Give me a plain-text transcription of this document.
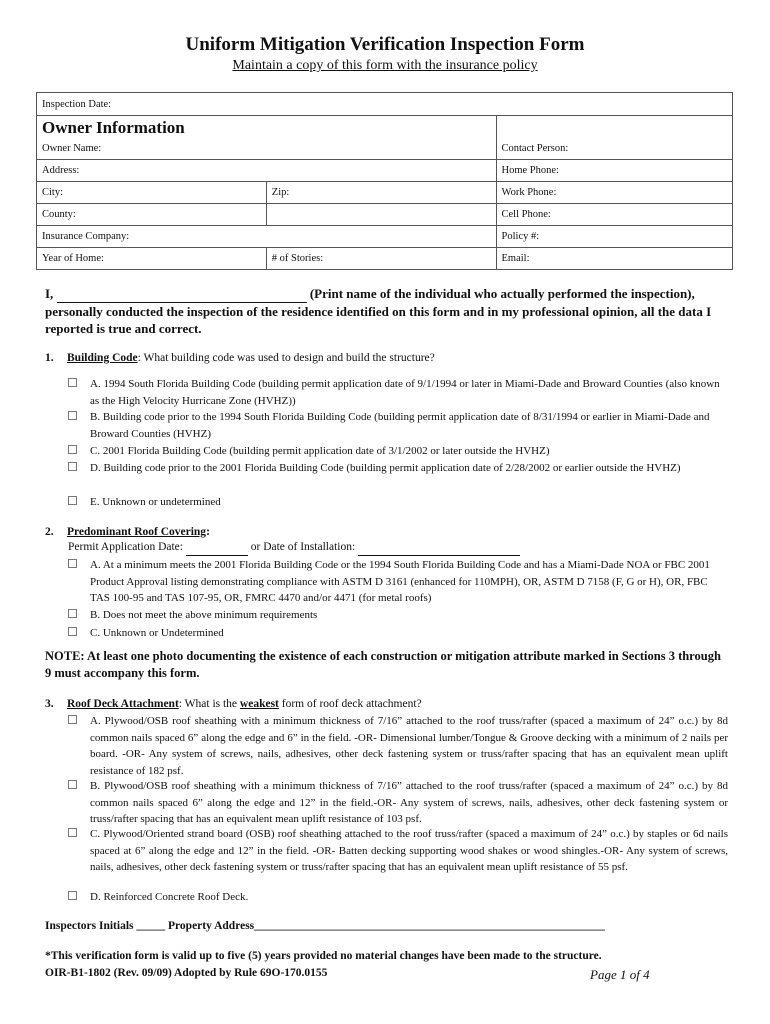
Uniform Mitigation Verification Inspection Form
Maintain a copy of this form with the insurance policy
Inspection Date:		

Owner Information		

Owner Name:		Contact Person:
Address:		Home Phone:
City:	Zip:	Work Phone:
County:		Cell Phone:
Insurance Company:		Policy #:
Year of Home:	# of Stories:	Email:
I,	(Print name of the individual who actually performed the inspection), personally conducted the inspection of the residence identified on this form and in my professional opinion, all the data I reported is true and correct.
1. Building Code: What building code was used to design and build the structure?
A. 1994 South Florida Building Code (building permit application date of 9/1/1994 or later in Miami-Dade and Broward Counties (also known as the High Velocity Hurricane Zone (HVHZ))
B. Building code prior to the 1994 South Florida Building Code (building permit application date of 8/31/1994 or earlier in Miami-Dade and Broward Counties (HVHZ)
C. 2001 Florida Building Code (building permit application date of 3/1/2002 or later outside the HVHZ)
D. Building code prior to the 2001 Florida Building Code (building permit application date of 2/28/2002 or earlier outside the HVHZ)
E. Unknown or undetermined
2. Predominant Roof Covering:
Permit Application Date:	or Date of Installation:
A. At a minimum meets the 2001 Florida Building Code or the 1994 South Florida Building Code and has a Miami-Dade NOA or FBC 2001 Product Approval listing demonstrating compliance with ASTM D 3161 (enhanced for 110MPH), OR, ASTM D 7158 (F, G or H), OR, FBC TAS 100-95 and TAS 107-95, OR, FMRC 4470 and/or 4471 (for metal roofs)
B. Does not meet the above minimum requirements
C. Unknown or Undetermined
NOTE: At least one photo documenting the existence of each construction or mitigation attribute marked in Sections 3 through 9 must accompany this form.
3. Roof Deck Attachment: What is the weakest form of roof deck attachment?
A. Plywood/OSB roof sheathing with a minimum thickness of 7/16” attached to the roof truss/rafter (spaced a maximum of 24” o.c.) by 8d common nails spaced 6” along the edge and 6” in the field. -OR- Dimensional lumber/Tongue & Groove decking with a minimum of 2 nails per board. -OR- Any system of screws, nails, adhesives, other deck fastening system or truss/rafter spacing that has an equivalent mean uplift resistance of 182 psf.
B. Plywood/OSB roof sheathing with a minimum thickness of 7/16” attached to the roof truss/rafter (spaced a maximum of 24” o.c.) by 8d common nails spaced 6” along the edge and 12” in the field.-OR- Any system of screws, nails, adhesives, other deck fastening system or truss/rafter spacing that has an equivalent mean uplift resistance of 103 psf.
C. Plywood/Oriented strand board (OSB) roof sheathing attached to the roof truss/rafter (spaced a maximum of 24” o.c.) by staples or 6d nails spaced at 6” along the edge and 12” in the field. -OR- Batten decking supporting wood shakes or wood shingles.-OR- Any system of screws, nails, adhesives, other deck fastening system or truss/rafter spacing that has an equivalent mean uplift resistance of 55 psf.
D. Reinforced Concrete Roof Deck.
Inspectors Initials _____ Property Address_____________________________________________________________
*This verification form is valid up to five (5) years provided no material changes have been made to the structure.
OIR-B1-1802 (Rev. 09/09) Adopted by Rule 69O-170.0155	Page 1 of 4
